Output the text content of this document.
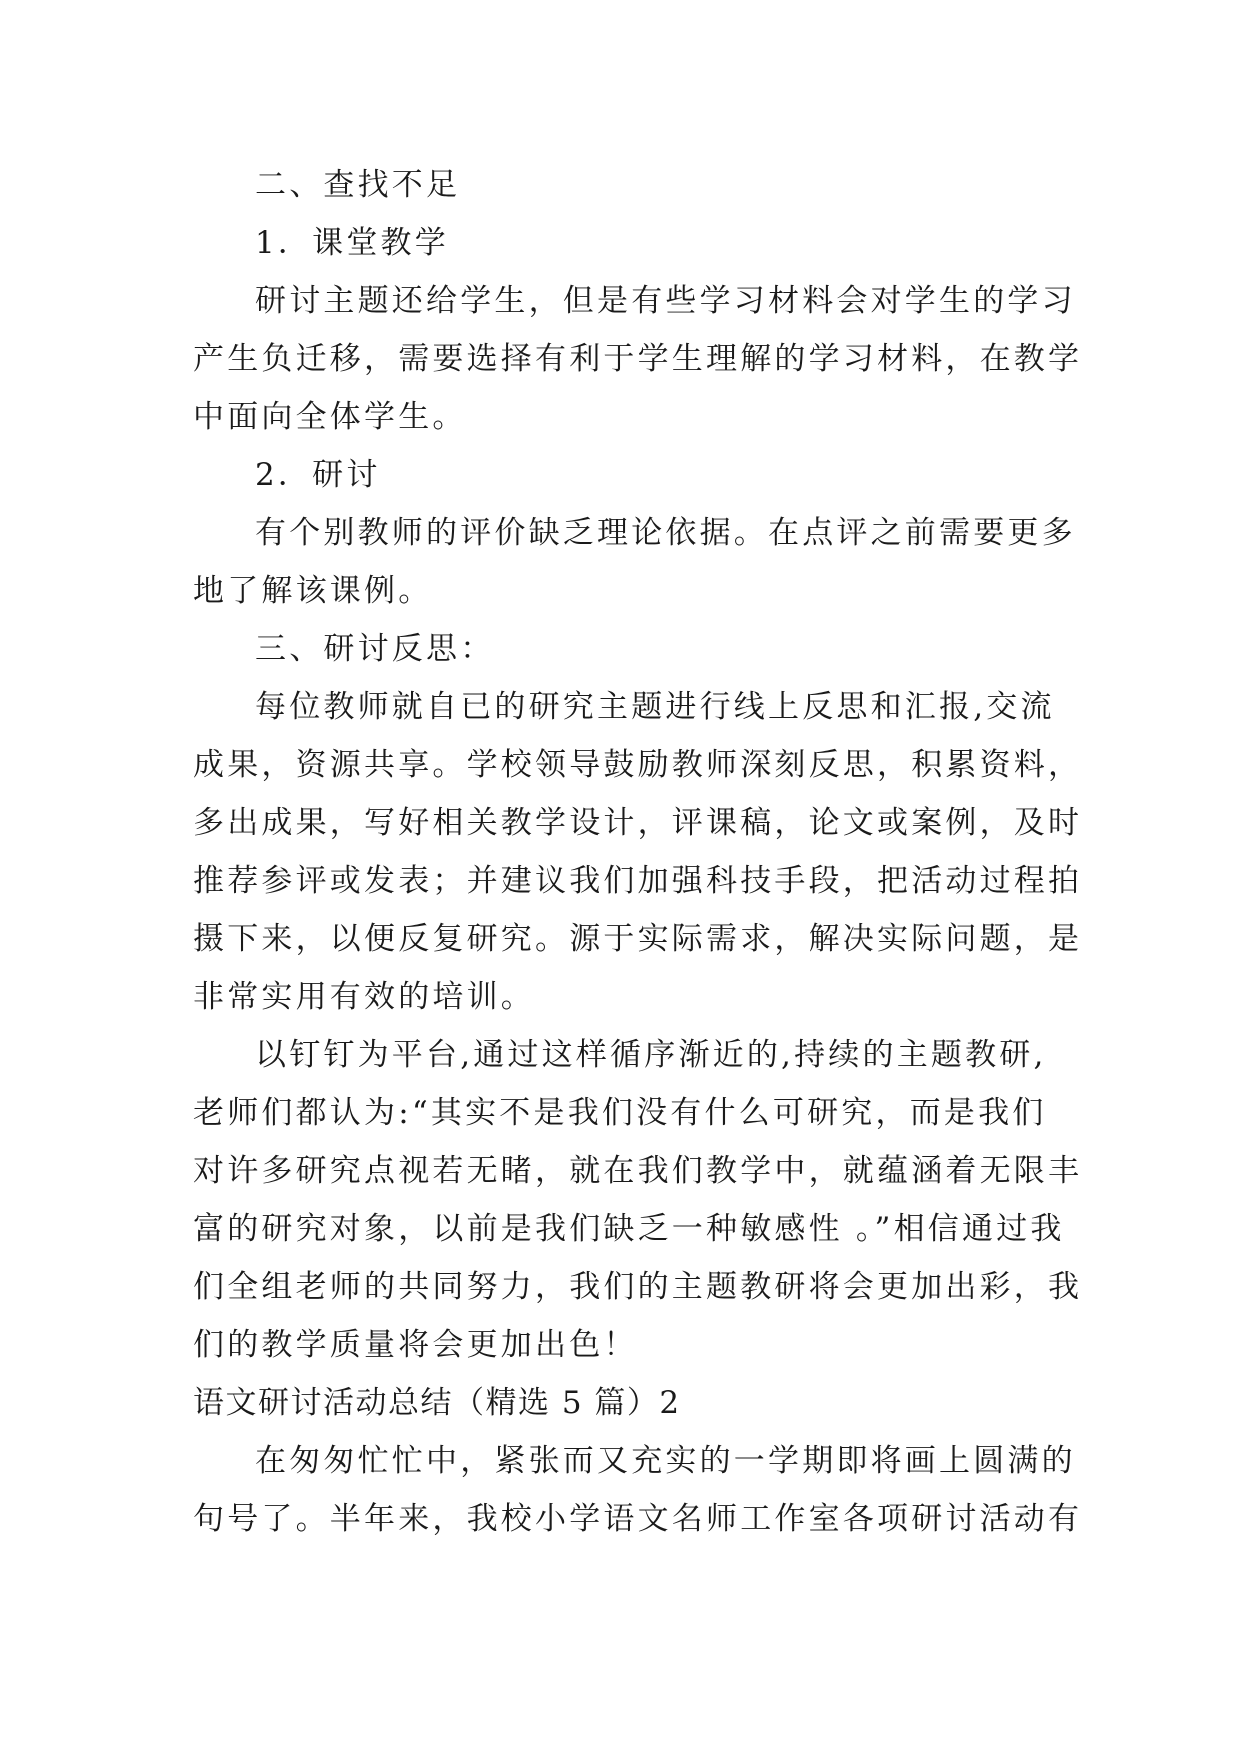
二、查找不足
1．课堂教学
研讨主题还给学生，但是有些学习材料会对学生的学习
产生负迁移，需要选择有利于学生理解的学习材料，在教学
中面向全体学生。
2．研讨
有个别教师的评价缺乏理论依据。在点评之前需要更多
地了解该课例。
三、研讨反思：
每位教师就自已的研究主题进行线上反思和汇报,交流
成果，资源共享。学校领导鼓励教师深刻反思，积累资料，
多出成果，写好相关教学设计，评课稿，论文或案例，及时
推荐参评或发表；并建议我们加强科技手段，把活动过程拍
摄下来，以便反复研究。源于实际需求，解决实际问题，是
非常实用有效的培训。
以钉钉为平台,通过这样循序渐近的,持续的主题教研,
老师们都认为:“其实不是我们没有什么可研究，而是我们
对许多研究点视若无睹，就在我们教学中，就蕴涵着无限丰
富的研究对象，以前是我们缺乏一种敏感性 。”相信通过我
们全组老师的共同努力，我们的主题教研将会更加出彩，我
们的教学质量将会更加出色！
语文研讨活动总结（精选 5 篇）2
在匆匆忙忙中，紧张而又充实的一学期即将画上圆满的
句号了。半年来，我校小学语文名师工作室各项研讨活动有
